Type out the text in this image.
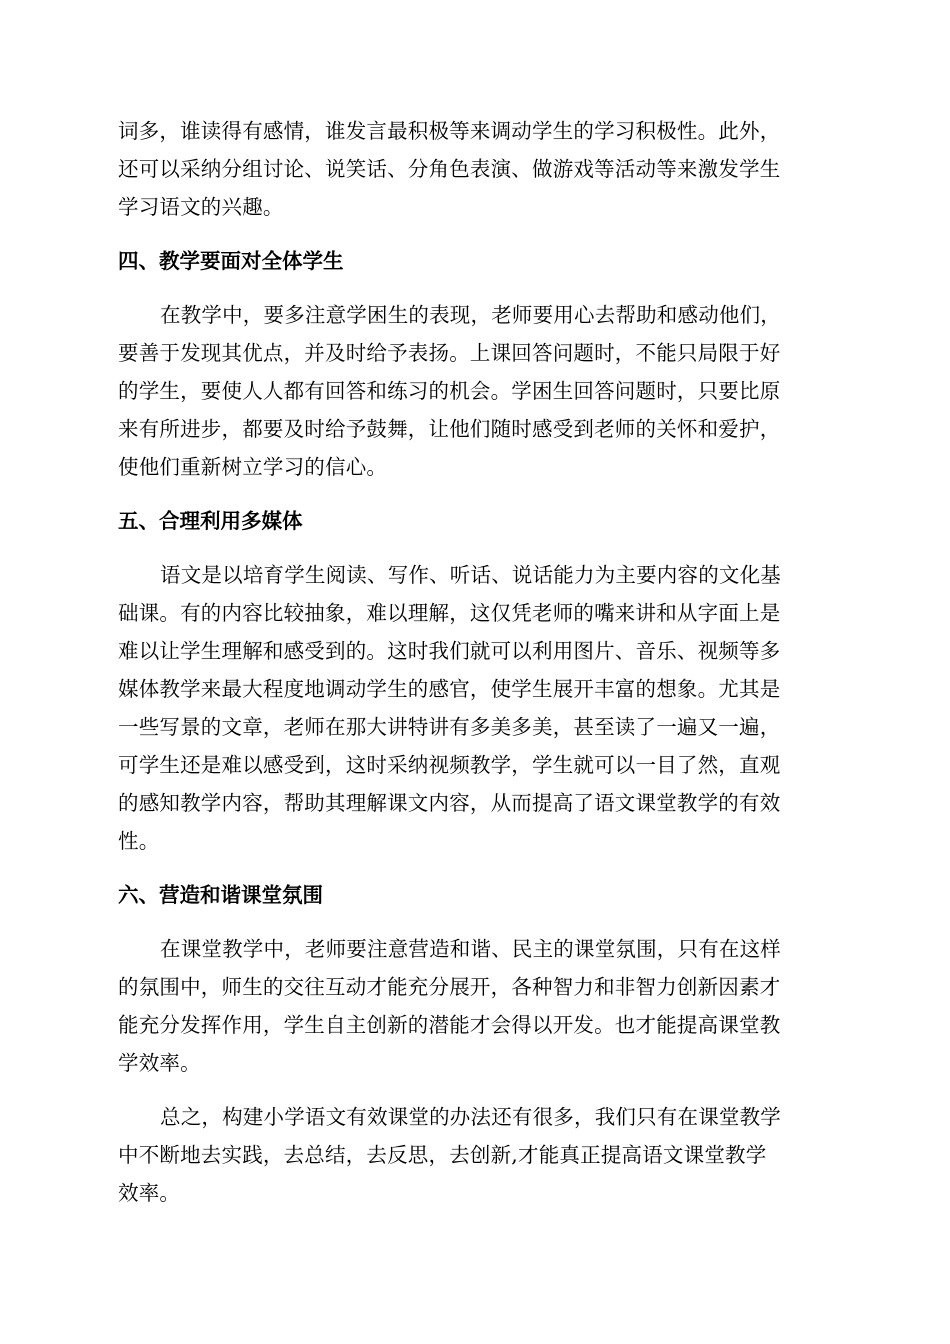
词多，谁读得有感情，谁发言最积极等来调动学生的学习积极性。此外，
还可以采纳分组讨论、说笑话、分角色表演、做游戏等活动等来激发学生
学习语文的兴趣。
四、教学要面对全体学生
在教学中，要多注意学困生的表现，老师要用心去帮助和感动他们，
要善于发现其优点，并及时给予表扬。上课回答问题时，不能只局限于好
的学生，要使人人都有回答和练习的机会。学困生回答问题时，只要比原
来有所进步，都要及时给予鼓舞，让他们随时感受到老师的关怀和爱护，
使他们重新树立学习的信心。
五、合理利用多媒体
语文是以培育学生阅读、写作、听话、说话能力为主要内容的文化基
础课。有的内容比较抽象，难以理解，这仅凭老师的嘴来讲和从字面上是
难以让学生理解和感受到的。这时我们就可以利用图片、音乐、视频等多
媒体教学来最大程度地调动学生的感官，使学生展开丰富的想象。尤其是
一些写景的文章，老师在那大讲特讲有多美多美，甚至读了一遍又一遍，
可学生还是难以感受到，这时采纳视频教学，学生就可以一目了然，直观
的感知教学内容，帮助其理解课文内容，从而提高了语文课堂教学的有效
性。
六、营造和谐课堂氛围
在课堂教学中，老师要注意营造和谐、民主的课堂氛围，只有在这样
的氛围中，师生的交往互动才能充分展开，各种智力和非智力创新因素才
能充分发挥作用，学生自主创新的潜能才会得以开发。也才能提高课堂教
学效率。
总之，构建小学语文有效课堂的办法还有很多，我们只有在课堂教学
中不断地去实践，去总结，去反思，去创新,才能真正提高语文课堂教学
效率。
